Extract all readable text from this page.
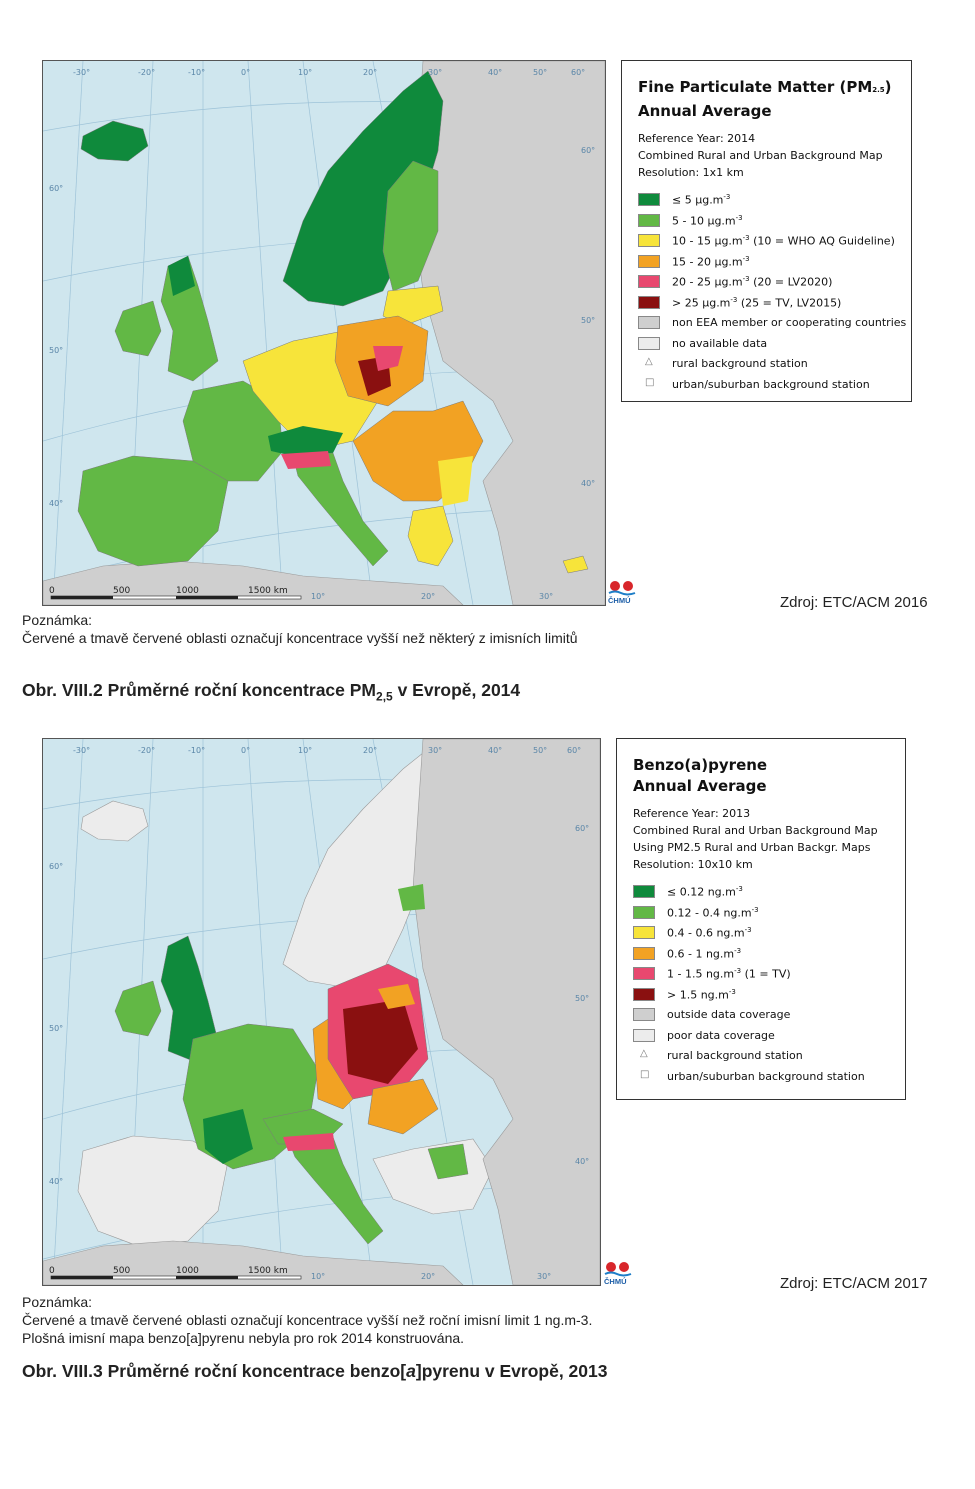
-30°	-20°	-10°	0°	10°	20°	30°	40°	50°	60°
60°
50°
40°
60°
50°
40°
10°	20°	30°
0	500	1000	1500 km
Fine Particulate Matter (PM2.5)
Annual Average
Reference Year: 2014
Combined Rural and Urban Background Map
Resolution: 1x1 km
≤ 5 $\mu g.m^{-3}$
5 - 10 $\mu g.m^{-3}$
10 - 15 $\mu g.m^{-3}$ (10 = WHO AQ Guideline)
15 - 20 $\mu g.m^{-3}$
20 - 25 $\mu g.m^{-3}$ (20 = LV2020)
> 25 $\mu g.m^{-3}$ (25 = TV, LV2015)
non EEA member or cooperating countries
no available data
△ rural background station
□ urban/suburban background station
ČHMÚ	Zdroj: ETC/ACM 2016
Poznámka:
Červené a tmavě červené oblasti označují koncentrace vyšší než některý z imisních limitů
Obr. VIII.2 Průměrné roční koncentrace $PM_{2,5}$ v Evropě, 2014
-30°	-20°	-10°	0°	10°	20°	30°	40°	50° 60°
60°
50°
40°
60°
50°
40°
10°	20°	30°
0	500	1000	1500 km
Benzo(a)pyrene
Annual Average
Reference Year: 2013
Combined Rural and Urban Background Map
Using PM2.5 Rural and Urban Backgr. Maps
Resolution: 10x10 km
≤ 0.12 $ng.m^{-3}$
0.12 - 0.4 $ng.m^{-3}$
0.4 - 0.6 $ng.m^{-3}$
0.6 - 1 $ng.m^{-3}$
1 - 1.5 $ng.m^{-3}$ (1 = TV)
> 1.5 $ng.m^{-3}$
outside data coverage
poor data coverage
△ rural background station
□ urban/suburban background station
ČHMÚ	Zdroj: ETC/ACM 2017
Poznámka:
Červené a tmavě červené oblasti označují koncentrace vyšší než roční imisní limit 1 ng.m-3.
Plošná imisní mapa benzo[a]pyrenu nebyla pro rok 2014 konstruována.
Obr. VIII.3 Průměrné roční koncentrace benzo[a]pyrenu v Evropě, 2013
